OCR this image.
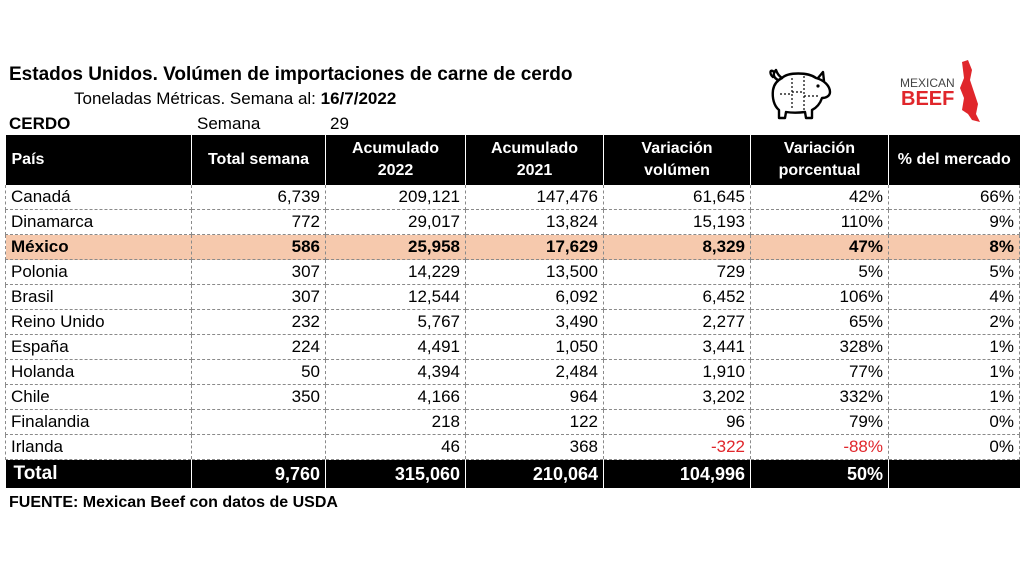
Estados Unidos. Volúmen de importaciones de carne de cerdo
Toneladas Métricas. Semana al: 16/7/2022
CERDO	Semana	29
MEXICAN
BEEF
País	Total semana	Acumulado 2022	Acumulado 2021	Variación volúmen	Variación porcentual	% del mercado
Canadá	6,739	209,121	147,476	61,645	42%	66%
Dinamarca	772	29,017	13,824	15,193	110%	9%
México	586	25,958	17,629	8,329	47%	8%
Polonia	307	14,229	13,500	729	5%	5%
Brasil	307	12,544	6,092	6,452	106%	4%
Reino Unido	232	5,767	3,490	2,277	65%	2%
España	224	4,491	1,050	3,441	328%	1%
Holanda	50	4,394	2,484	1,910	77%	1%
Chile	350	4,166	964	3,202	332%	1%
Finalandia		218	122	96	79%	0%
Irlanda		46	368	-322	-88%	0%
Total	9,760	315,060	210,064	104,996	50%	
FUENTE: Mexican Beef con datos de USDA
